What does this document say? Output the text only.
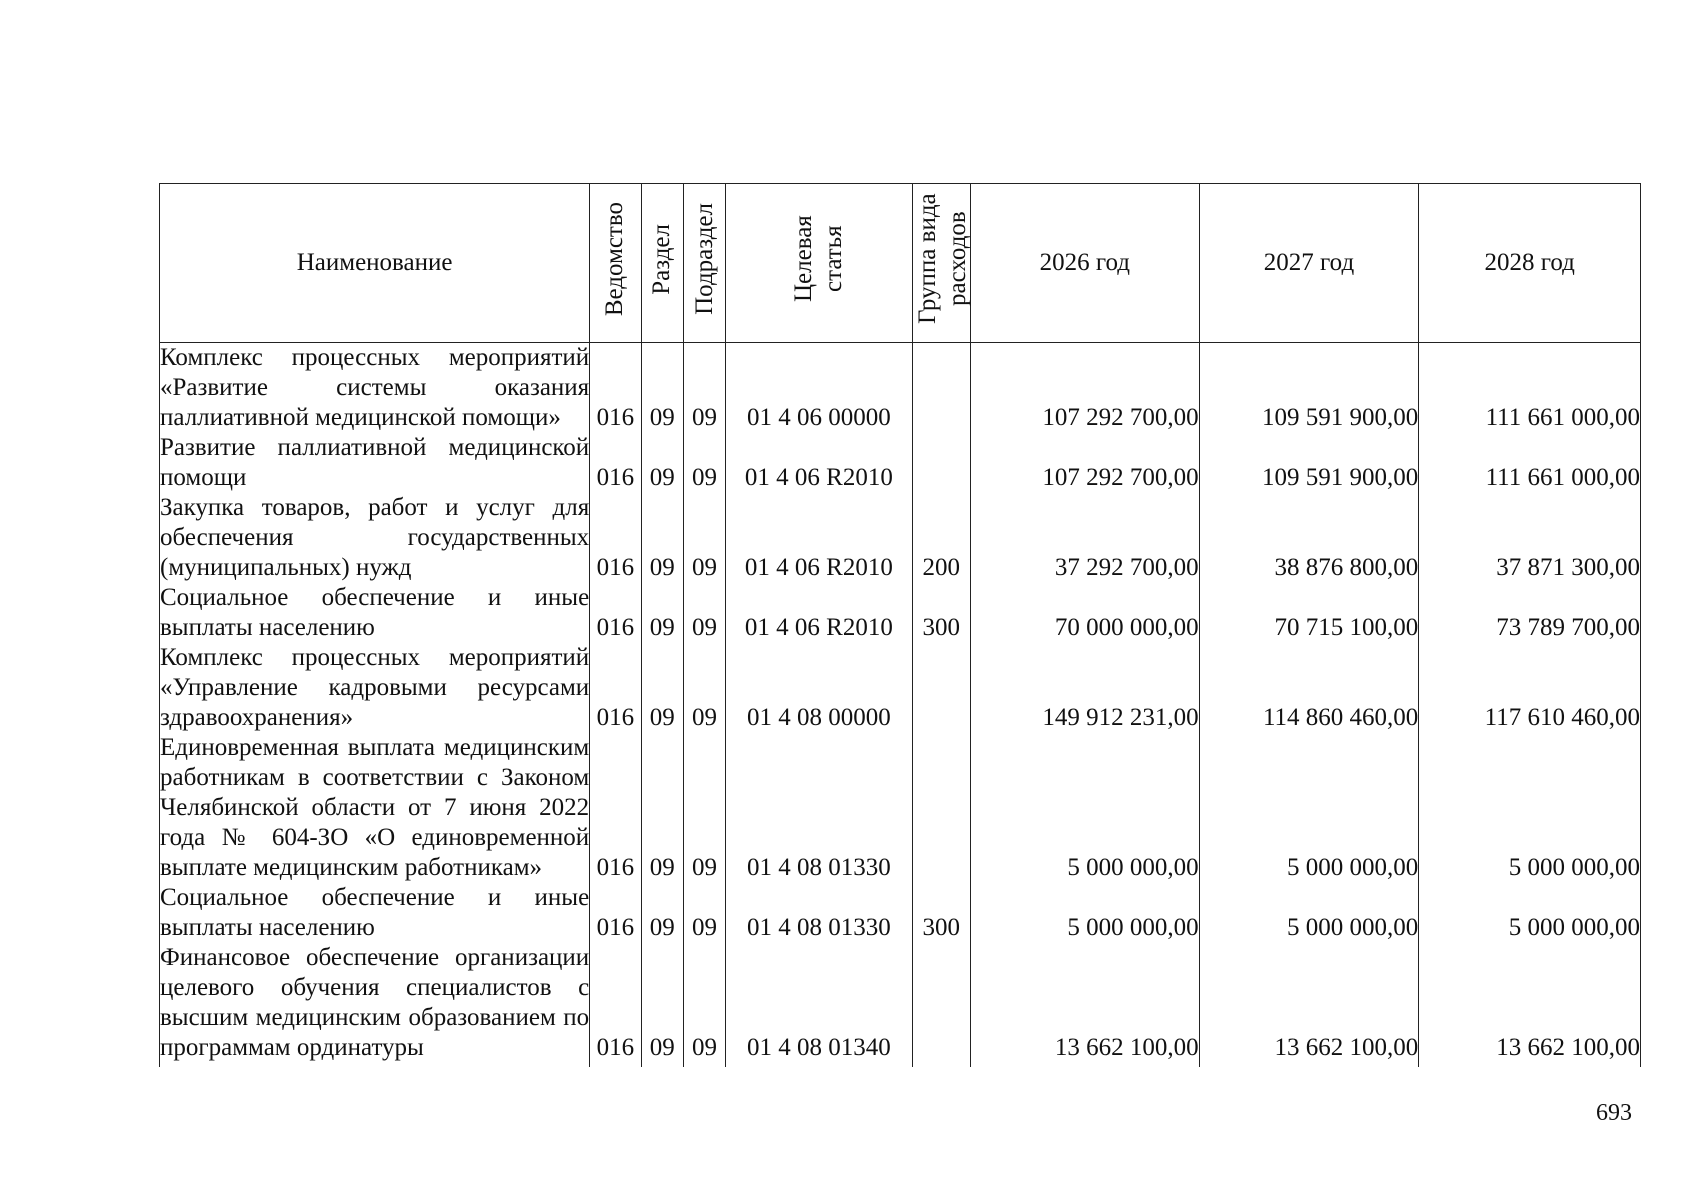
Наименование	Ведомство	Раздел	Подраздел	Целевая статья	Группа вида расходов	2026 год	2027 год	2028 год
Комплекс процессных мероприятий «Развитие системы оказания паллиативной медицинской помощи»	016	09	09	01 4 06 00000		107 292 700,00	109 591 900,00	111 661 000,00
Развитие паллиативной медицинской помощи	016	09	09	01 4 06 R2010		107 292 700,00	109 591 900,00	111 661 000,00
Закупка товаров, работ и услуг для обеспечения государственных (муниципальных) нужд	016	09	09	01 4 06 R2010	200	37 292 700,00	38 876 800,00	37 871 300,00
Социальное обеспечение и иные выплаты населению	016	09	09	01 4 06 R2010	300	70 000 000,00	70 715 100,00	73 789 700,00
Комплекс процессных мероприятий «Управление кадровыми ресурсами здравоохранения»	016	09	09	01 4 08 00000		149 912 231,00	114 860 460,00	117 610 460,00
Единовременная выплата медицинским работникам в соответствии с Законом Челябинской области от 7 июня 2022 года № 604-ЗО «О единовременной выплате медицинским работникам»	016	09	09	01 4 08 01330		5 000 000,00	5 000 000,00	5 000 000,00
Социальное обеспечение и иные выплаты населению	016	09	09	01 4 08 01330	300	5 000 000,00	5 000 000,00	5 000 000,00
Финансовое обеспечение организации целевого обучения специалистов с высшим медицинским образованием по программам ординатуры	016	09	09	01 4 08 01340		13 662 100,00	13 662 100,00	13 662 100,00
693
